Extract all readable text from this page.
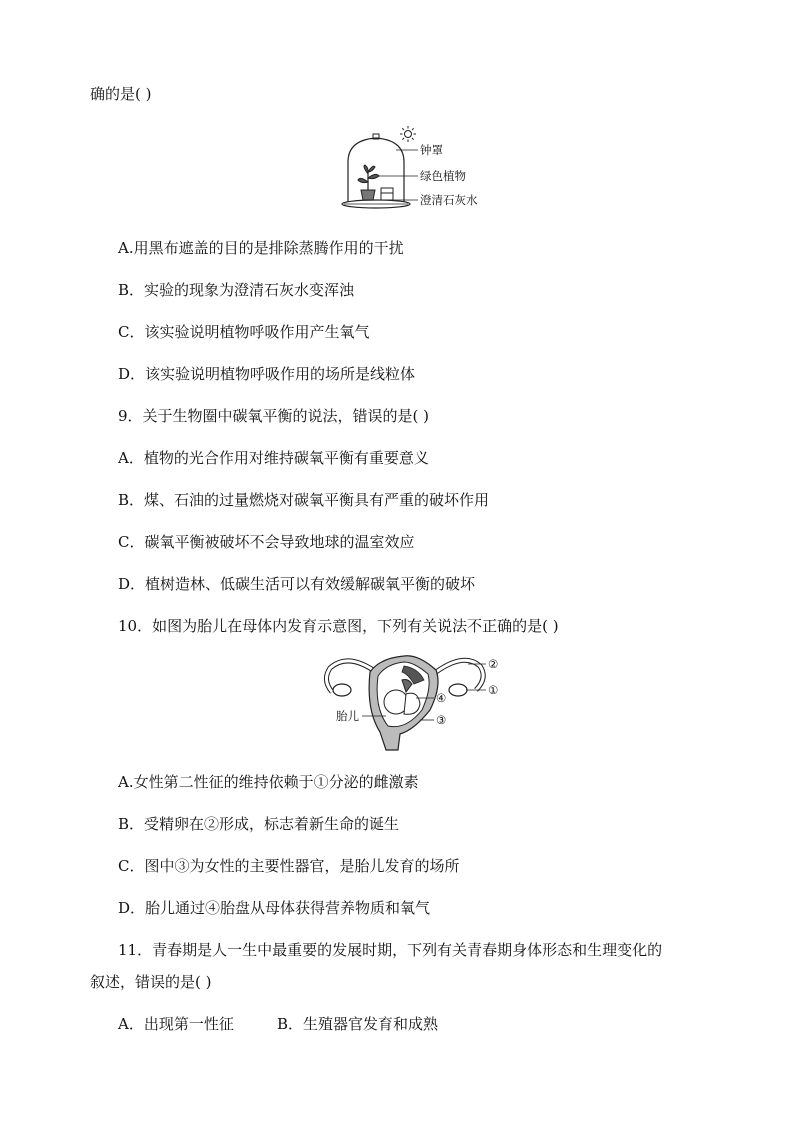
确的是( )
钟罩
绿色植物
澄清石灰水
A.用黑布遮盖的目的是排除蒸腾作用的干扰
B．实验的现象为澄清石灰水变浑浊
C．该实验说明植物呼吸作用产生氧气
D．该实验说明植物呼吸作用的场所是线粒体
9．关于生物圈中碳氧平衡的说法，错误的是( )
A．植物的光合作用对维持碳氧平衡有重要意义
B．煤、石油的过量燃烧对碳氧平衡具有严重的破坏作用
C．碳氧平衡被破坏不会导致地球的温室效应
D．植树造林、低碳生活可以有效缓解碳氧平衡的破坏
10．如图为胎儿在母体内发育示意图，下列有关说法不正确的是( )
②
①
④
③
胎儿
A.女性第二性征的维持依赖于①分泌的雌激素
B．受精卵在②形成，标志着新生命的诞生
C．图中③为女性的主要性器官，是胎儿发育的场所
D．胎儿通过④胎盘从母体获得营养物质和氧气
11．青春期是人一生中最重要的发展时期，下列有关青春期身体形态和生理变化的
叙述，错误的是( )
A．出现第一性征	B．生殖器官发育和成熟
